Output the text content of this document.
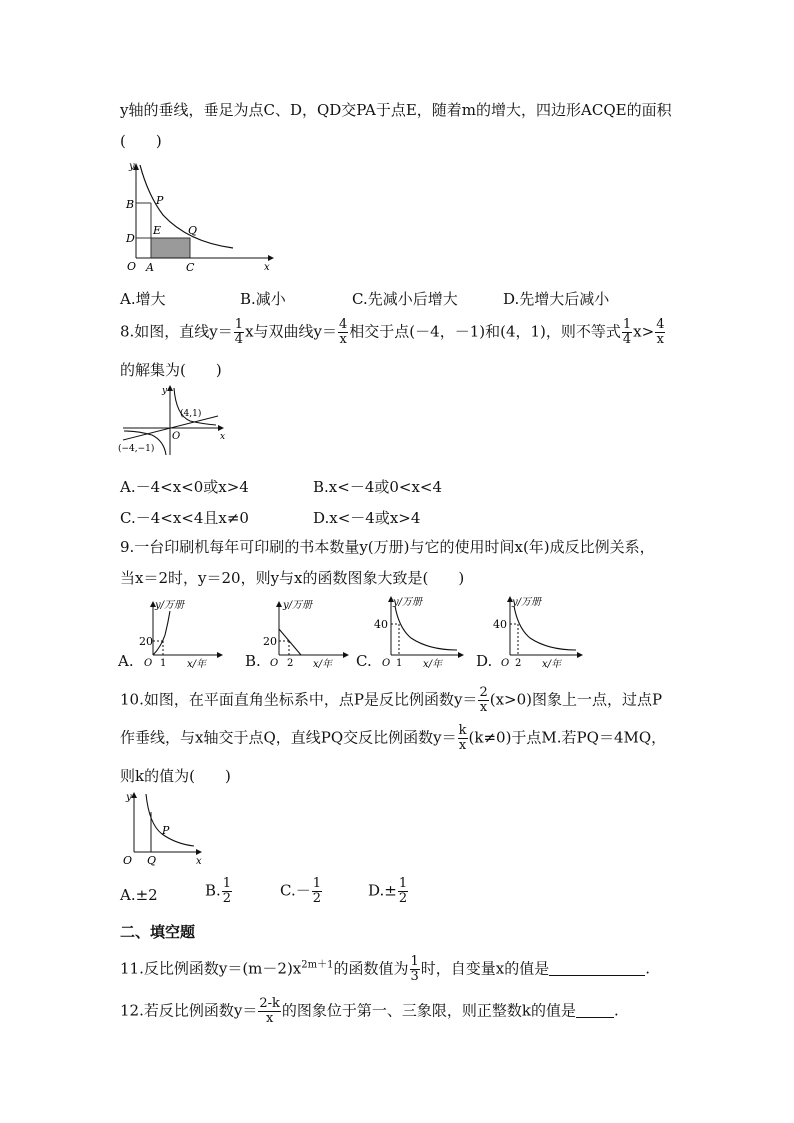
y轴的垂线，垂足为点C、D，QD交PA于点E，随着m的增大，四边形ACQE的面积
(　　)
y
x
O
B
D
P
E Q
A	C
A.增大	B.减小	C.先减小后增大	D.先增大后减小
8.如图，直线$y= \frac{1}{4}$ x与双曲线$y= \frac{4}{x}$ 相交于点(－4，－1)和(4，1)，则不等式 $\frac{1}{4} x> \frac{4}{x}$
的解集为(　　)
y
x
O
(4,1)
(−4,−1)
A.－4<x<0或x>4	B.x<－4或0<x<4
C.－4<x<4且x≠0	D.x<－4或x>4
9.一台印刷机每年可印刷的书本数量y(万册)与它的使用时间x(年)成反比例关系，
当x＝2时，y＝20，则y与x的函数图象大致是(　　)
A.
y/万册
20
O 1 x/年	B.
y/万册
20
O 2 x/年 C.
y/万册
40
O 1 x/年 D.
y/万册
40
O 2 x/年
10.如图，在平面直角坐标系中，点P是反比例函数$y= \frac{2}{x} (x>0)$图象上一点，过点P
作垂线，与x轴交于点Q，直线PQ交反比例函数$y= \frac{k}{x} (k\ne 0)$于点M.若PQ＝4MQ，
则k的值为(　　)
y
x
O Q
P
A.±2	B. $\frac{1}{2}$	$C.- \frac{1}{2}$	$D.\pm \frac{1}{2}$
二、填空题
11.反比例函数$y=(m-2)x^{2m+1}$的函数值为 $\frac{1}{3}$ 时，自变量x的值是	.
12.若反比例函数$y= \frac{2-k}{x}$ 的图象位于第一、三象限，则正整数k的值是	.
